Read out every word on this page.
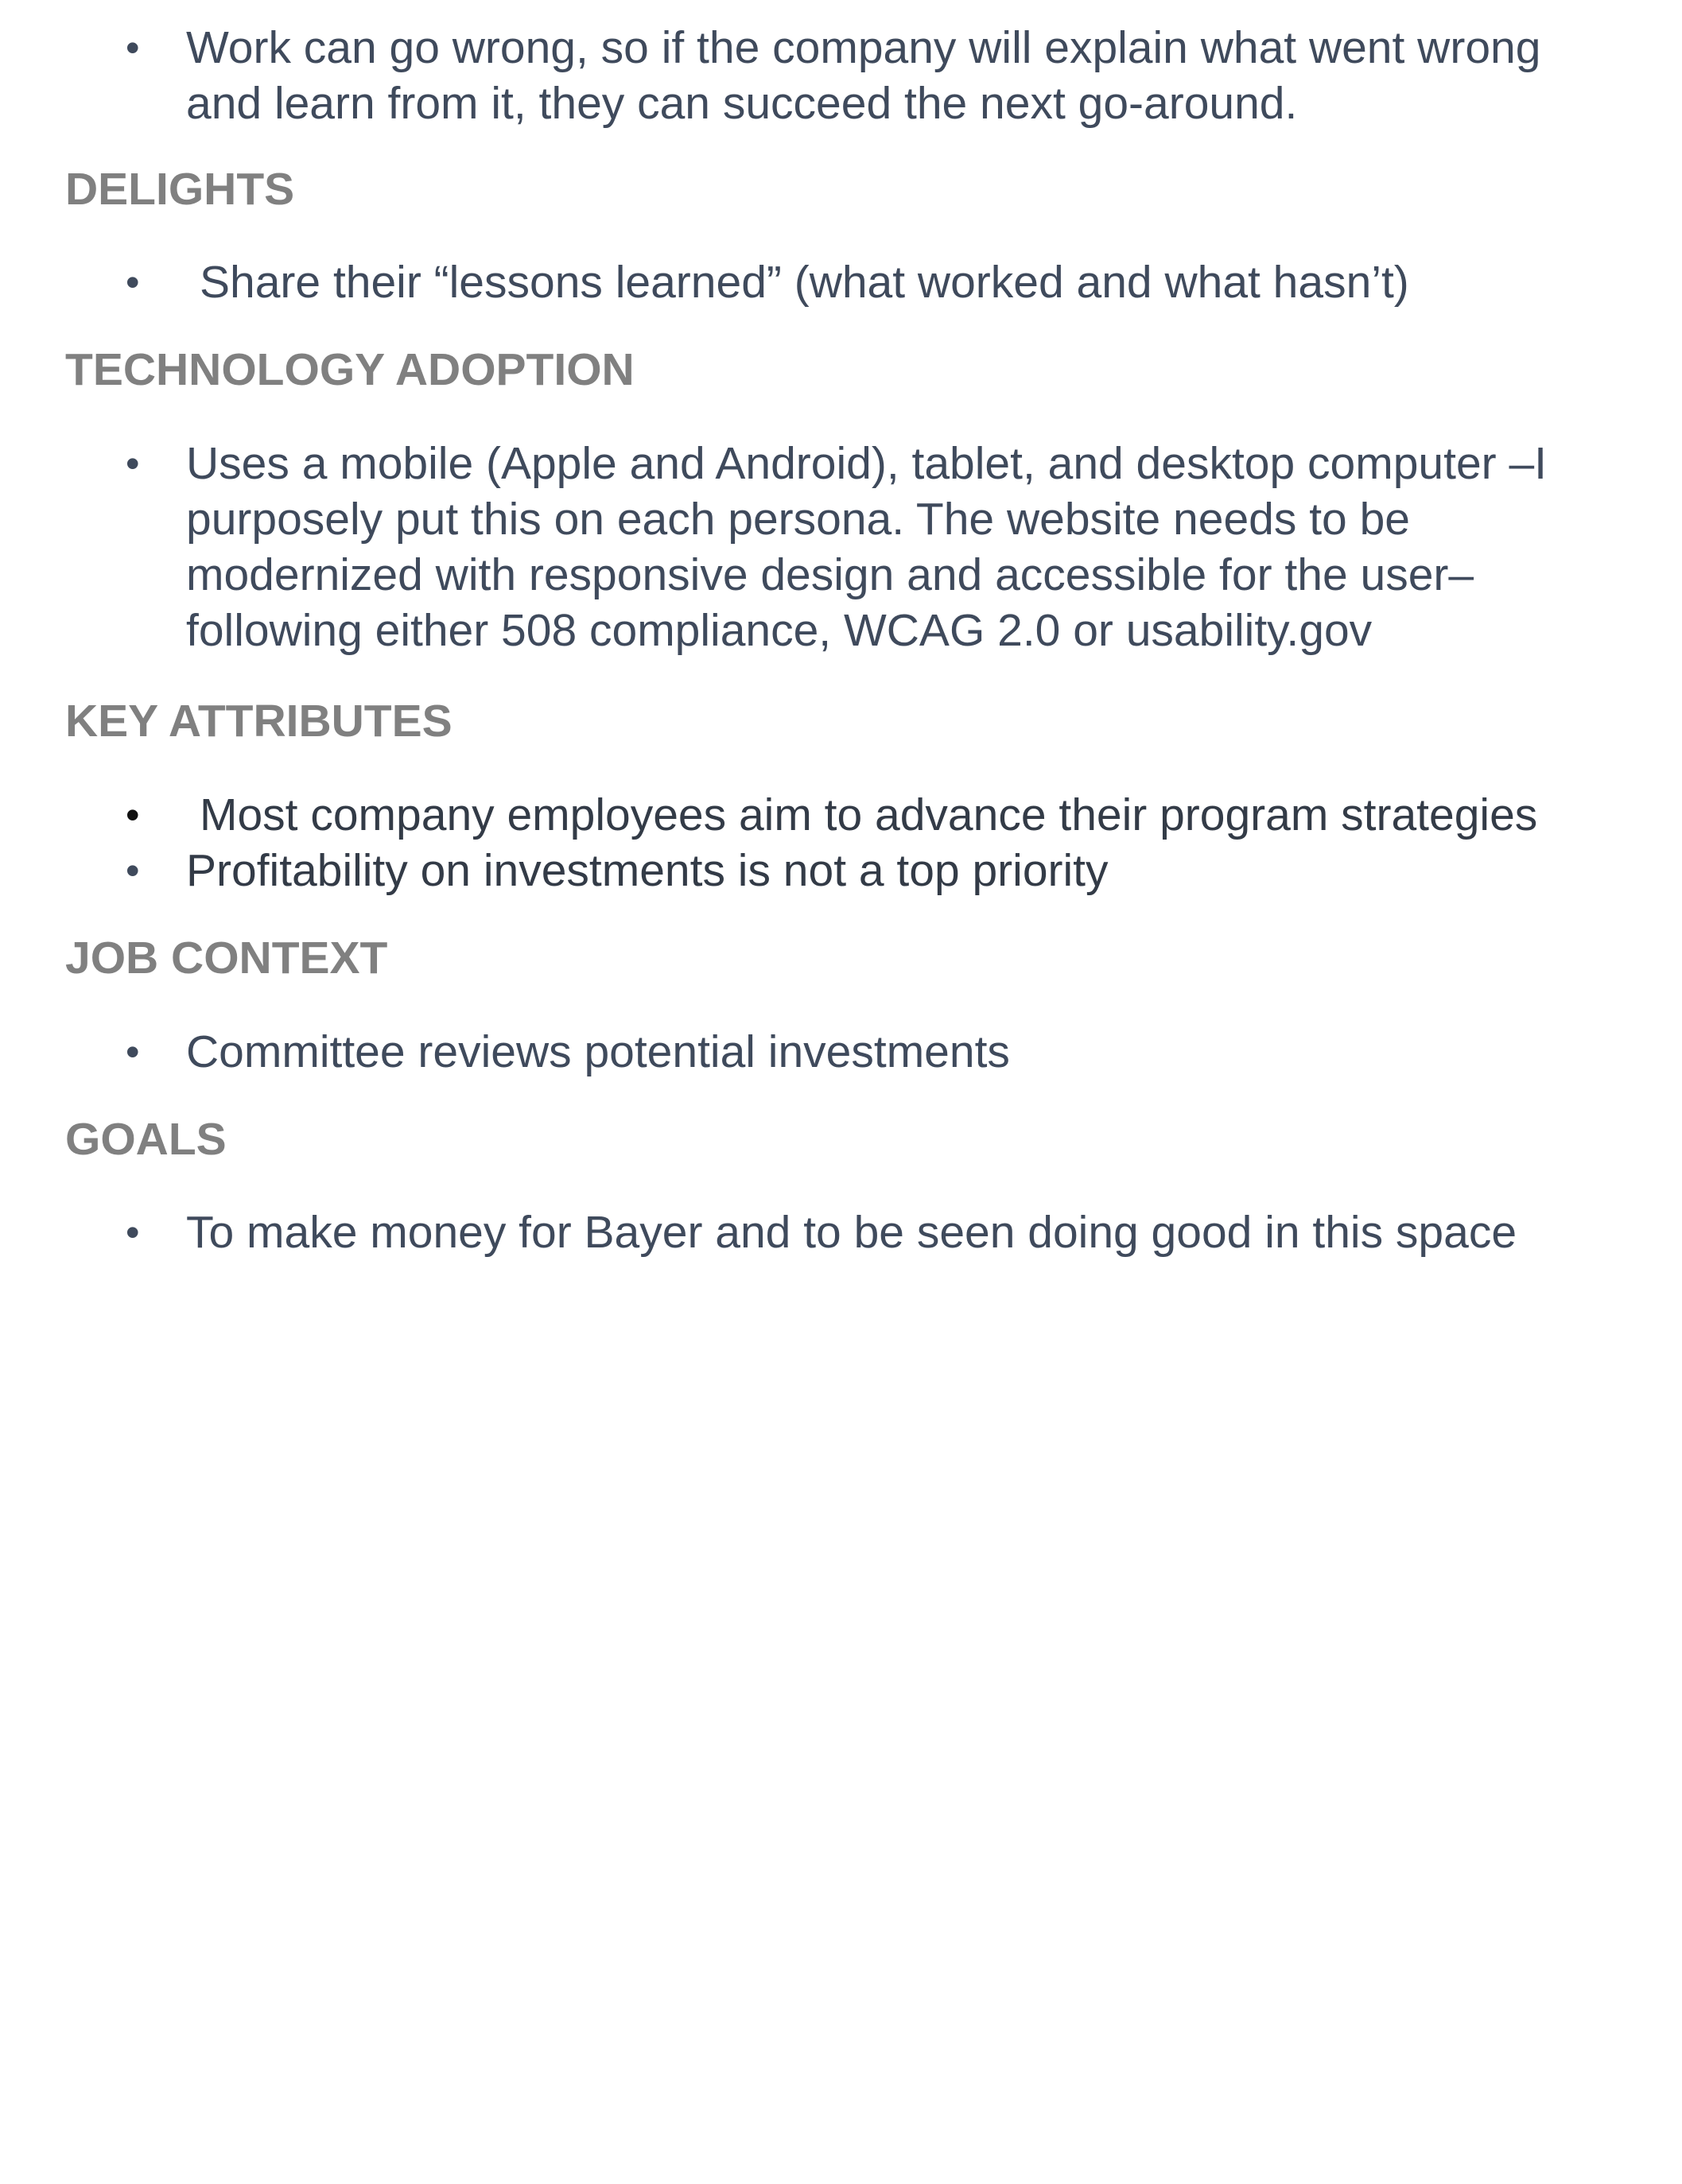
• Work can go wrong, so if the company will explain what went wrong
and learn from it, they can succeed the next go-around.
DELIGHTS
• Share their “lessons learned” (what worked and what hasn’t)
TECHNOLOGY ADOPTION
• Uses a mobile (Apple and Android), tablet, and desktop computer –I
purposely put this on each persona. The website needs to be
modernized with responsive design and accessible for the user–
following either 508 compliance, WCAG 2.0 or usability.gov
KEY ATTRIBUTES
• Most company employees aim to advance their program strategies
• Profitability on investments is not a top priority
JOB CONTEXT
• Committee reviews potential investments
GOALS
• To make money for Bayer and to be seen doing good in this space
